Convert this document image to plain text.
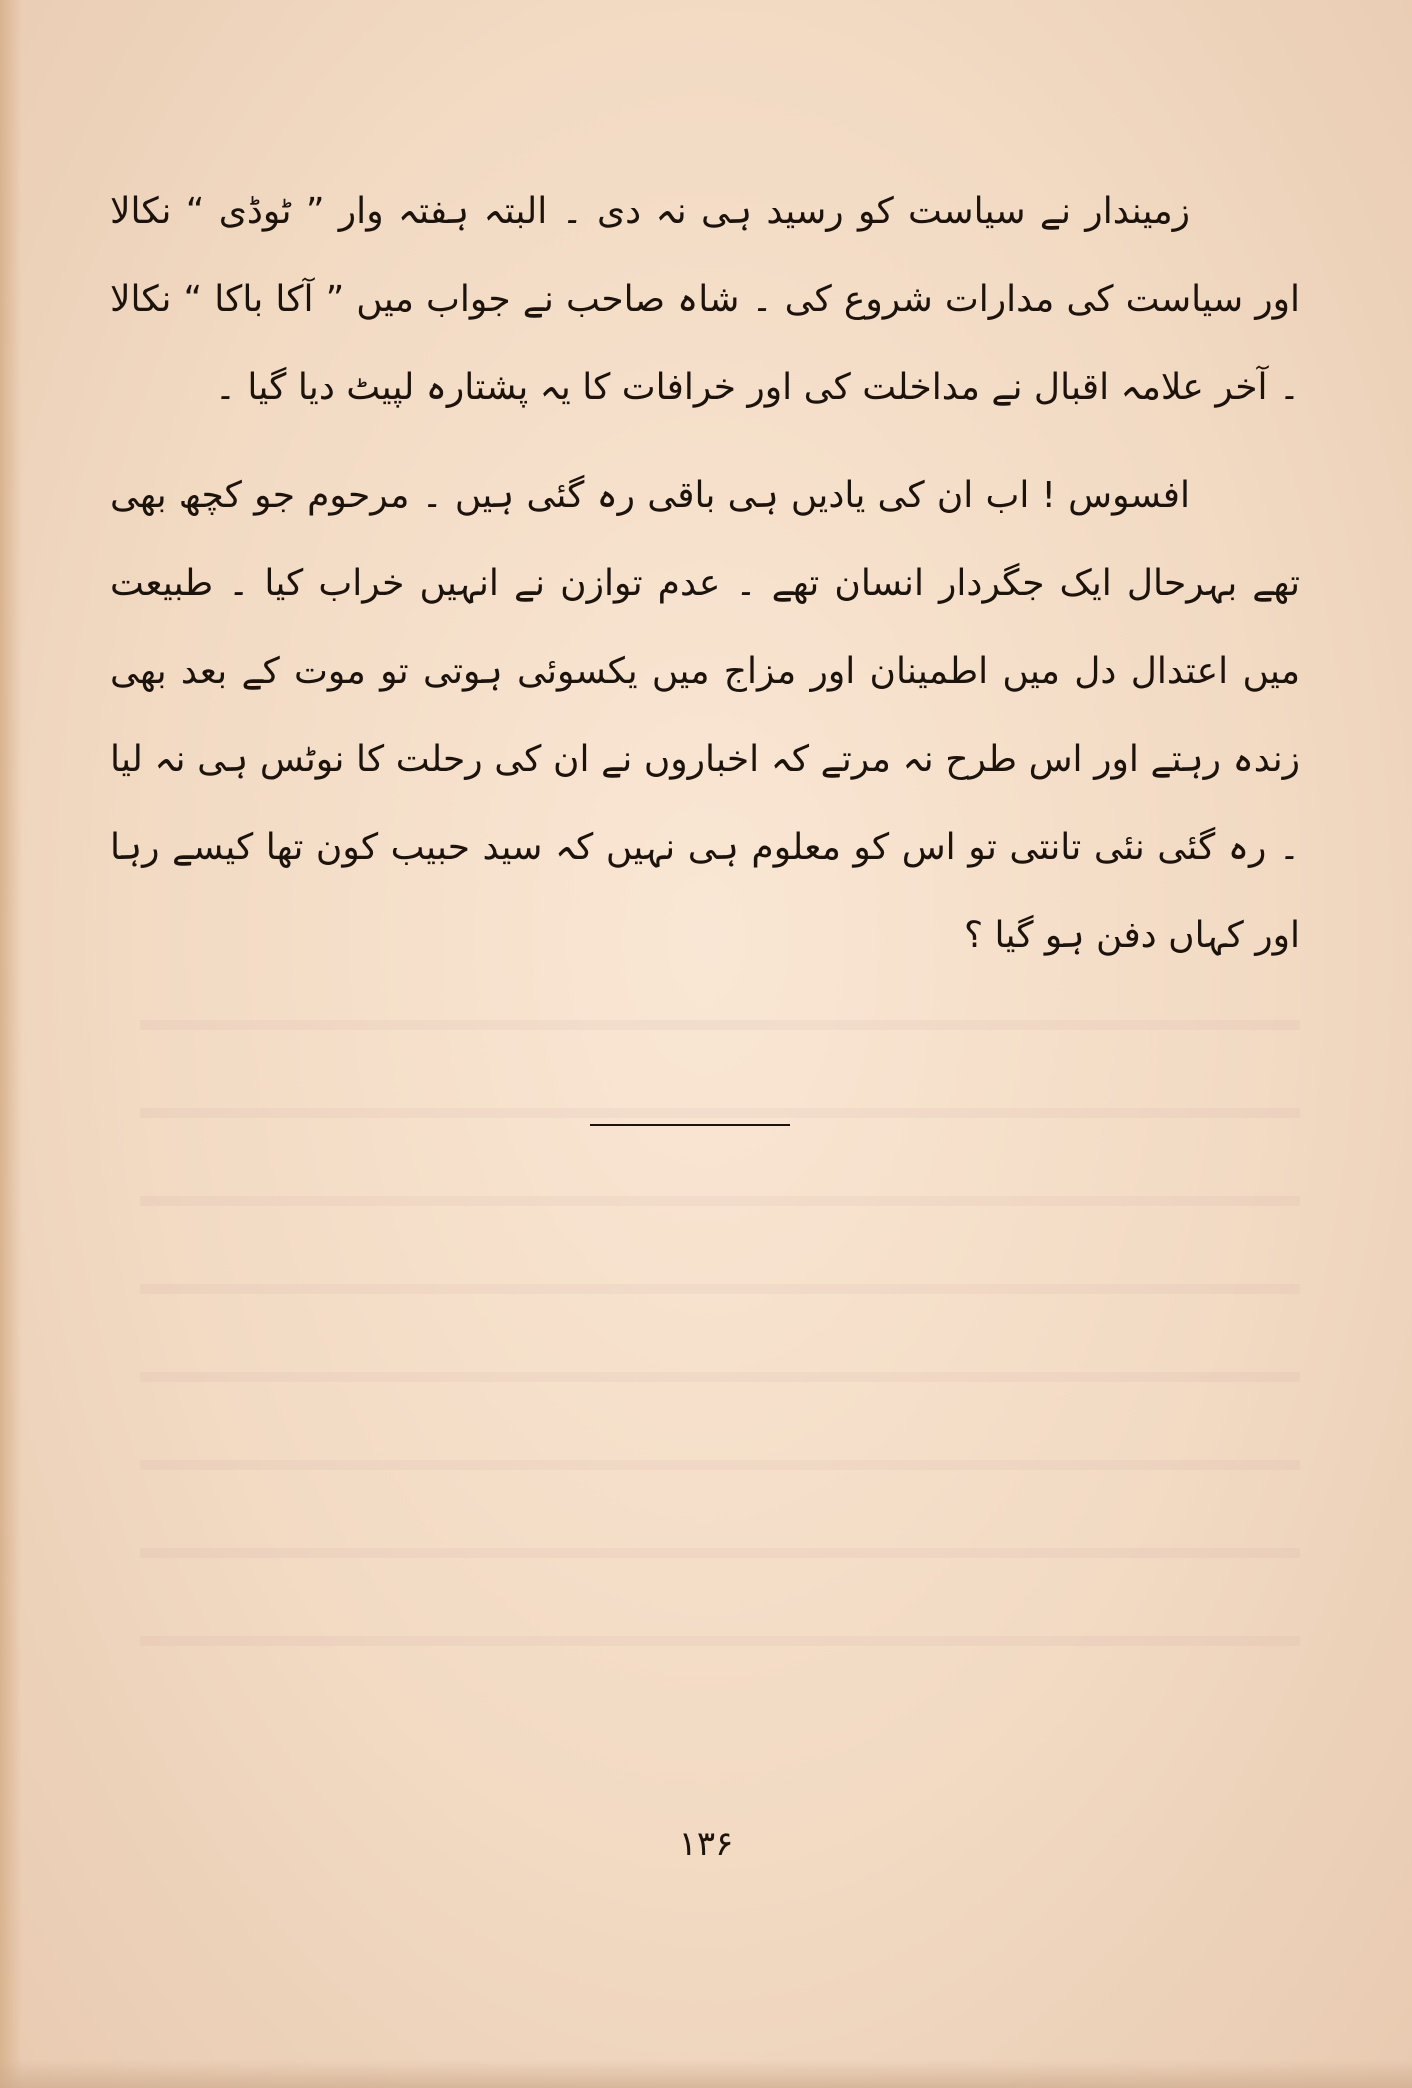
زمیندار نے سیاست کو رسید ہی نہ دی ۔ البتہ ہفتہ وار ” ٹوڈی “ نکالا اور سیاست کی مدارات شروع کی ۔ شاہ صاحب نے جواب میں ” آکا باکا “ نکالا ۔ آخر علامہ اقبال نے مداخلت کی اور خرافات کا یہ پشتارہ لپیٹ دیا گیا ۔

افسوس ! اب ان کی یادیں ہی باقی رہ گئی ہیں ۔ مرحوم جو کچھ بھی تھے بہرحال ایک جگردار انسان تھے ۔ عدم توازن نے انہیں خراب کیا ۔ طبیعت میں اعتدال دل میں اطمینان اور مزاج میں یکسوئی ہوتی تو موت کے بعد بھی زندہ رہتے اور اس طرح نہ مرتے کہ اخباروں نے ان کی رحلت کا نوٹس ہی نہ لیا ۔ رہ گئی نئی تانتی تو اس کو معلوم ہی نہیں کہ سید حبیب کون تھا کیسے رہا اور کہاں دفن ہو گیا ؟

۱۳۶
